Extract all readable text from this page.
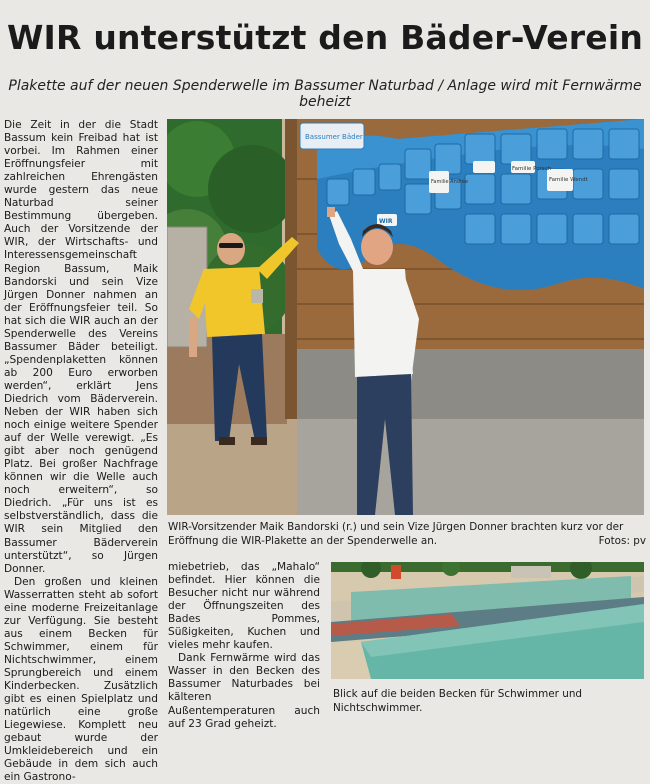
WIR unterstützt den Bäder-Verein
Plakette auf der neuen Spenderwelle im Bassumer Naturbad / Anlage wird mit Fernwärme beheizt

Die Zeit in der die Stadt Bassum kein Freibad hat ist vorbei. Im Rahmen einer Eröffnungsfeier mit zahlreichen Ehrengästen wurde gestern das neue Naturbad seiner Bestimmung übergeben. Auch der Vorsitzende der WIR, der Wirtschafts- und Interessensgemeinschaft Region Bassum, Maik Bandorski und sein Vize Jürgen Donner nahmen an der Eröffnungsfeier teil. So hat sich die WIR auch an der Spenderwelle des Vereins Bassumer Bäder beteiligt. „Spendenplaketten können ab 200 Euro erworben werden“, erklärt Jens Diedrich vom Bäderverein. Neben der WIR haben sich noch einige weitere Spender auf der Welle verewigt. „Es gibt aber noch genügend Platz. Bei großer Nachfrage können wir die Welle auch noch erweitern“, so Diedrich. „Für uns ist es selbstverständlich, dass die WIR sein Mitglied den Bassumer Bäderverein unterstützt“, so Jürgen Donner.

Den großen und kleinen Wasserratten steht ab sofort eine moderne Freizeitanlage zur Verfügung. Sie besteht aus einem Becken für Schwimmer, einem für Nichtschwimmer, einem Sprungbereich und einem Kinderbecken. Zusätzlich gibt es einen Spielplatz und natürlich eine große Liegewiese. Komplett neu gebaut wurde der Umkleidebereich und ein Gebäude in dem sich auch ein Gastrono-

Familie Porsch
Familie Andrée	Familie Wendt
WIR
Bassumer Bäder
WIR-Vorsitzender Maik Bandorski (r.) und sein Vize Jürgen Donner brachten kurz vor der Eröffnung die WIR-Plakette an der Spenderwelle an.	Fotos: pv

miebetrieb, das „Mahalo“ befindet. Hier können die Besucher nicht nur während der Öffnungszeiten des Bades Pommes, Süßigkeiten, Kuchen und vieles mehr kaufen.

Dank Fernwärme wird das Wasser in den Becken des Bassumer Naturbades bei kälteren Außentemperaturen auch auf 23 Grad geheizt.

Blick auf die beiden Becken für Schwimmer und Nichtschwimmer.
